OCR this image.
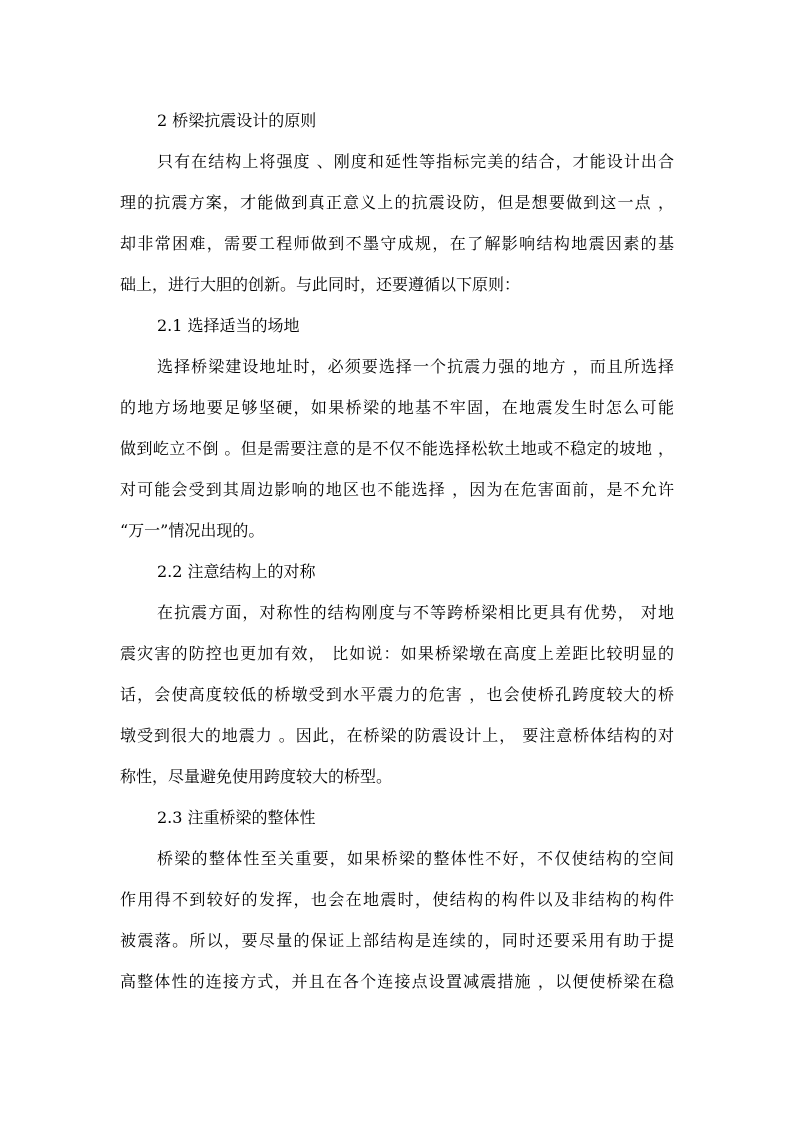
2 桥梁抗震设计的原则
只有在结构上将强度 、刚度和延性等指标完美的结合，才能设计出合
理的抗震方案，才能做到真正意义上的抗震设防，但是想要做到这一点 ，
却非常困难，需要工程师做到不墨守成规，在了解影响结构地震因素的基
础上，进行大胆的创新。与此同时，还要遵循以下原则：
2.1 选择适当的场地
选择桥梁建设地址时，必须要选择一个抗震力强的地方 ，而且所选择
的地方场地要足够坚硬，如果桥梁的地基不牢固，在地震发生时怎么可能
做到屹立不倒 。但是需要注意的是不仅不能选择松软土地或不稳定的坡地 ，
对可能会受到其周边影响的地区也不能选择 ，因为在危害面前，是不允许
“万一”情况出现的。
2.2 注意结构上的对称
在抗震方面，对称性的结构刚度与不等跨桥梁相比更具有优势， 对地
震灾害的防控也更加有效， 比如说：如果桥梁墩在高度上差距比较明显的
话，会使高度较低的桥墩受到水平震力的危害 ，也会使桥孔跨度较大的桥
墩受到很大的地震力 。因此，在桥梁的防震设计上， 要注意桥体结构的对
称性，尽量避免使用跨度较大的桥型。
2.3 注重桥梁的整体性
桥梁的整体性至关重要，如果桥梁的整体性不好，不仅使结构的空间
作用得不到较好的发挥，也会在地震时，使结构的构件以及非结构的构件
被震落。所以，要尽量的保证上部结构是连续的，同时还要采用有助于提
高整体性的连接方式，并且在各个连接点设置减震措施 ，以便使桥梁在稳
